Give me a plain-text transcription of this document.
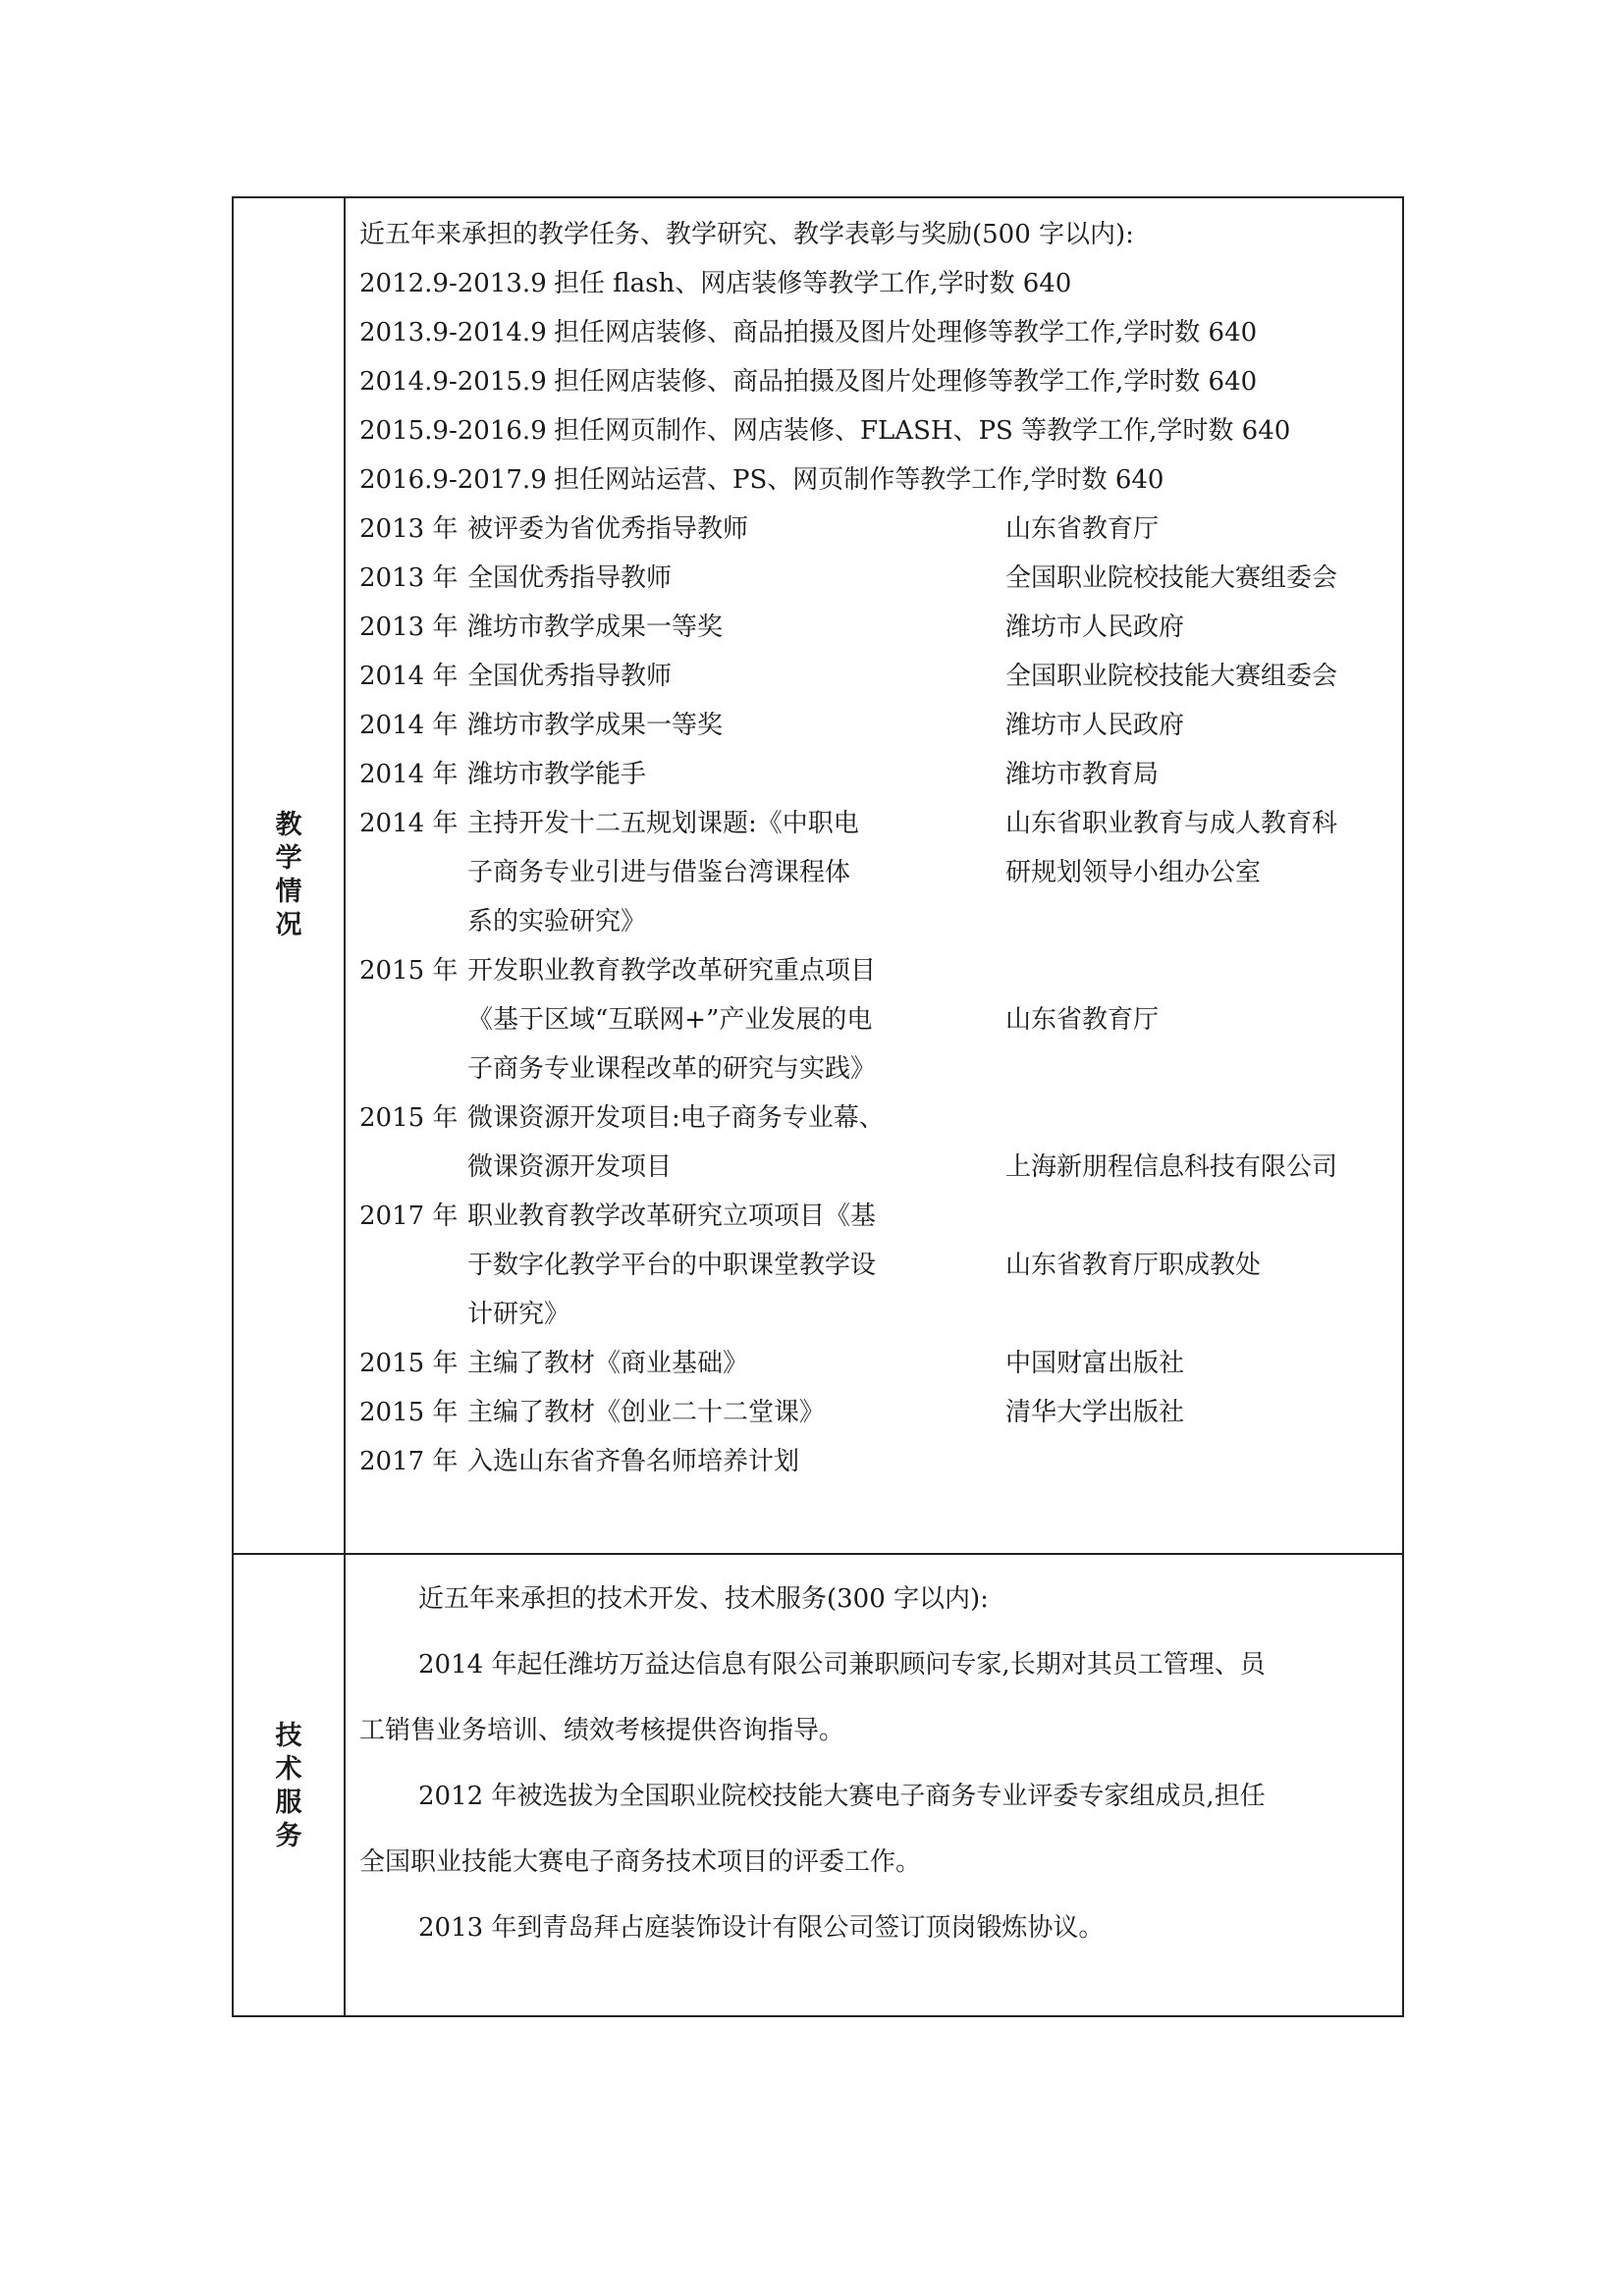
教
学
情
况
近五年来承担的教学任务、教学研究、教学表彰与奖励(500 字以内):
2012.9-2013.9 担任 flash、网店装修等教学工作,学时数 640
2013.9-2014.9 担任网店装修、商品拍摄及图片处理修等教学工作,学时数 640
2014.9-2015.9 担任网店装修、商品拍摄及图片处理修等教学工作,学时数 640
2015.9-2016.9 担任网页制作、网店装修、FLASH、PS 等教学工作,学时数 640
2016.9-2017.9 担任网站运营、PS、网页制作等教学工作,学时数 640
2013 年 被评委为省优秀指导教师	山东省教育厅
2013 年 全国优秀指导教师	全国职业院校技能大赛组委会
2013 年 潍坊市教学成果一等奖	潍坊市人民政府
2014 年 全国优秀指导教师	全国职业院校技能大赛组委会
2014 年 潍坊市教学成果一等奖	潍坊市人民政府
2014 年 潍坊市教学能手	潍坊市教育局
2014 年 主持开发十二五规划课题:《中职电	山东省职业教育与成人教育科
子商务专业引进与借鉴台湾课程体	研规划领导小组办公室
系的实验研究》
2015 年 开发职业教育教学改革研究重点项目
《基于区域“互联网+”产业发展的电	山东省教育厅
子商务专业课程改革的研究与实践》
2015 年 微课资源开发项目:电子商务专业幕、
微课资源开发项目	上海新朋程信息科技有限公司
2017 年 职业教育教学改革研究立项项目《基
于数字化教学平台的中职课堂教学设	山东省教育厅职成教处
计研究》
2015 年 主编了教材《商业基础》	中国财富出版社
2015 年 主编了教材《创业二十二堂课》	清华大学出版社
2017 年 入选山东省齐鲁名师培养计划
技
术
服
务
近五年来承担的技术开发、技术服务(300 字以内):
2014 年起任潍坊万益达信息有限公司兼职顾问专家,长期对其员工管理、员
工销售业务培训、绩效考核提供咨询指导。
2012 年被选拔为全国职业院校技能大赛电子商务专业评委专家组成员,担任
全国职业技能大赛电子商务技术项目的评委工作。
2013 年到青岛拜占庭装饰设计有限公司签订顶岗锻炼协议。
